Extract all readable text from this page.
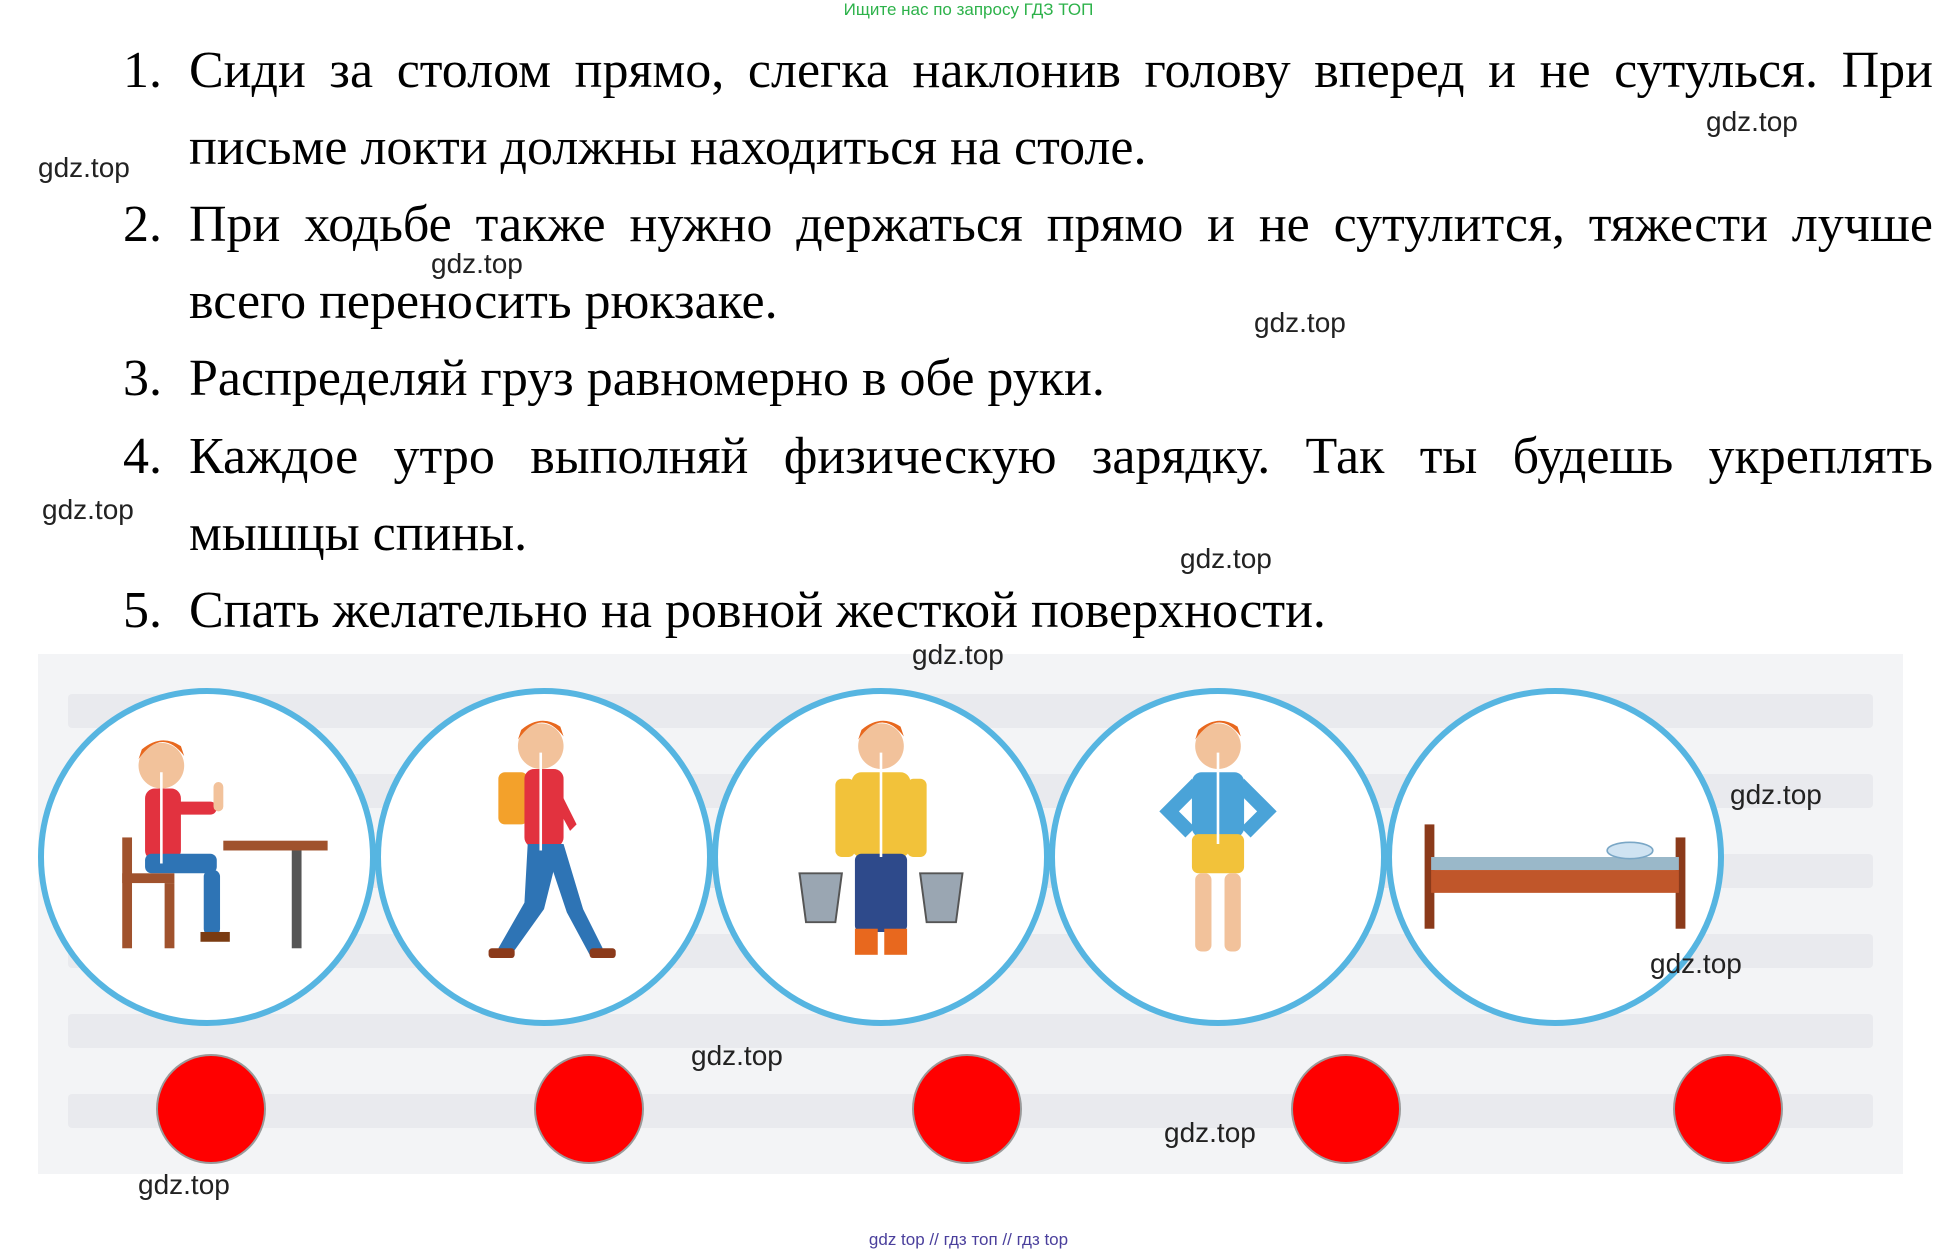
Ищите нас по запросу ГДЗ ТОП
1. Сиди за столом прямо, слегка наклонив голову вперед и не сутулься. При письме локти должны находиться на столе.
2. При ходьбе также нужно держаться прямо и не сутулится, тяжести лучше всего переносить рюкзаке.
3. Распределяй груз равномерно в обе руки.
4. Каждое утро выполняй физическую зарядку. Так ты будешь укреплять мышцы спины.
5. Спать желательно на ровной жесткой поверхности.
gdz.top
gdz.top
gdz.top
gdz.top
gdz.top
gdz.top
gdz.top
gdz.top
gdz.top
gdz.top
gdz.top
gdz.top
gdz top // гдз топ // гдз top
